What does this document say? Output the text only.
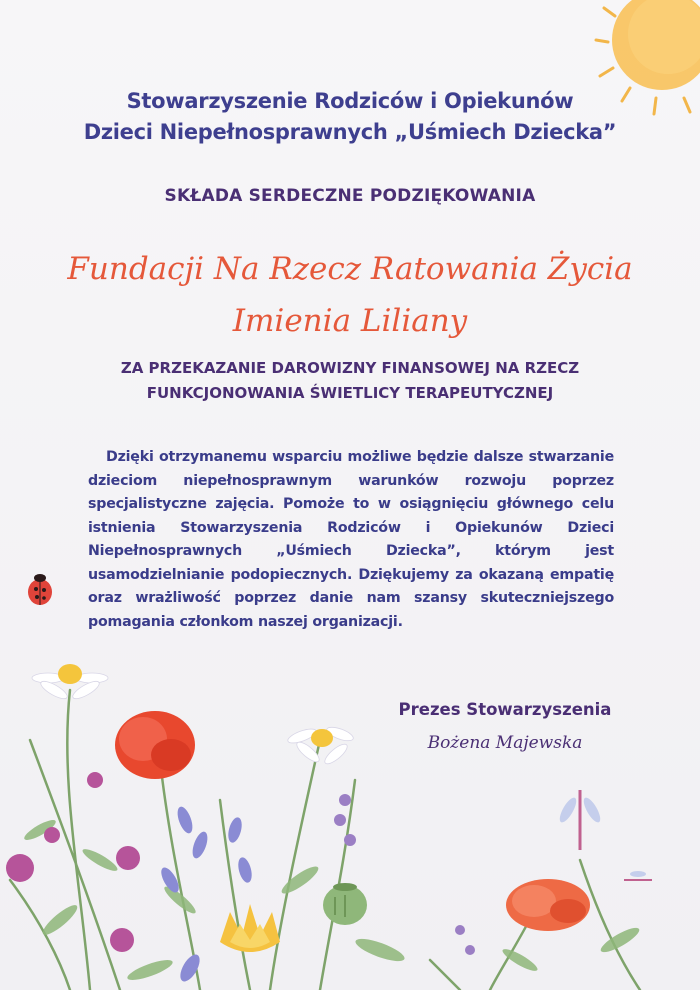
Stowarzyszenie Rodziców i Opiekunów
Dzieci Niepełnosprawnych „Uśmiech Dziecka”
SKŁADA SERDECZNE PODZIĘKOWANIA
Fundacji Na Rzecz Ratowania Życia
Imienia Liliany
ZA PRZEKAZANIE DAROWIZNY FINANSOWEJ NA RZECZ
FUNKCJONOWANIA ŚWIETLICY TERAPEUTYCZNEJ
Dzięki otrzymanemu wsparciu możliwe będzie dalsze stwarzanie dzieciom niepełnosprawnym warunków rozwoju poprzez specjalistyczne zajęcia. Pomoże to w osiągnięciu głównego celu istnienia Stowarzyszenia Rodziców i Opiekunów Dzieci Niepełnosprawnych „Uśmiech Dziecka”, którym jest usamodzielnianie podopiecznych. Dziękujemy za okazaną empatię oraz wrażliwość poprzez danie nam szansy skuteczniejszego pomagania członkom naszej organizacji.
Prezes Stowarzyszenia
Bożena Majewska
